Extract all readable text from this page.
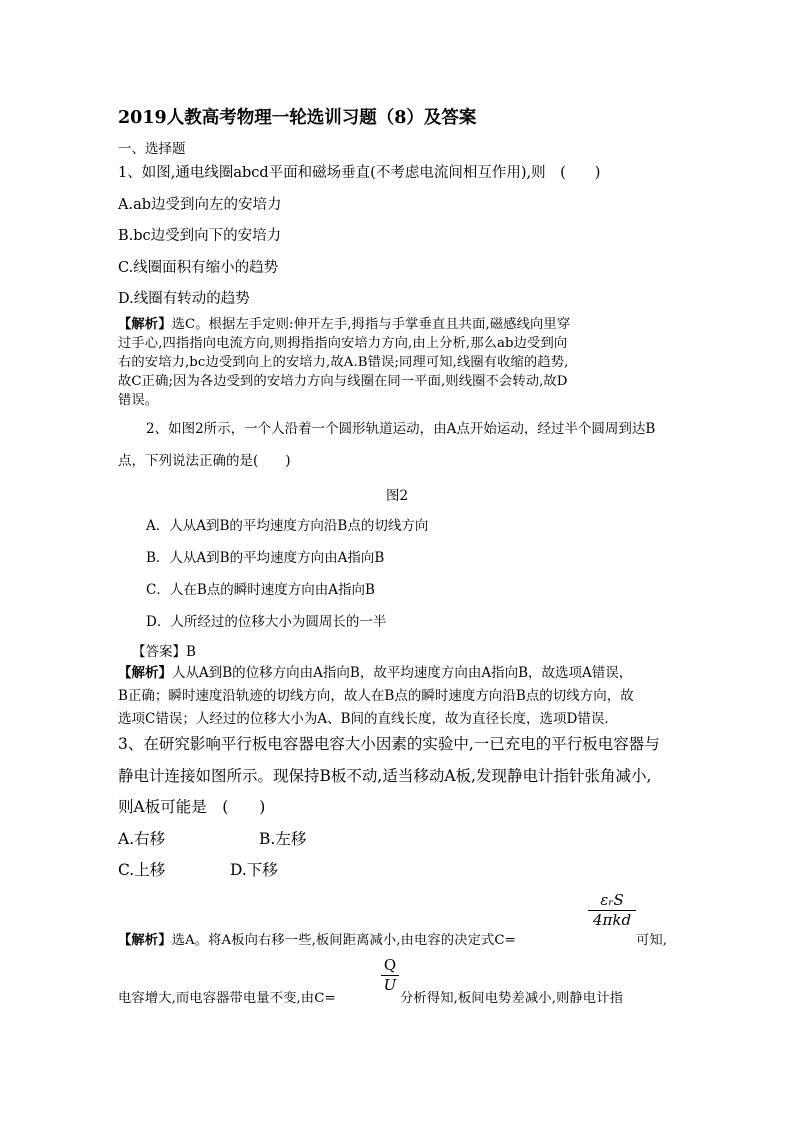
2019人教高考物理一轮选训习题（8）及答案
一、选择题
1、如图,通电线圈abcd平面和磁场垂直(不考虑电流间相互作用),则　(　　)
A.ab边受到向左的安培力
B.bc边受到向下的安培力
C.线圈面积有缩小的趋势
D.线圈有转动的趋势
【解析】选C。根据左手定则:伸开左手,拇指与手掌垂直且共面,磁感线向里穿
过手心,四指指向电流方向,则拇指指向安培力方向,由上分析,那么ab边受到向
右的安培力,bc边受到向上的安培力,故A.B错误;同理可知,线圈有收缩的趋势,
故C正确;因为各边受到的安培力方向与线圈在同一平面,则线圈不会转动,故D
错误。
2、如图2所示，一个人沿着一个圆形轨道运动，由A点开始运动，经过半个圆周到达B
点，下列说法正确的是(　　)
图2
A．人从A到B的平均速度方向沿B点的切线方向
B．人从A到B的平均速度方向由A指向B
C．人在B点的瞬时速度方向由A指向B
D．人所经过的位移大小为圆周长的一半
【答案】B
【解析】人从A到B的位移方向由A指向B，故平均速度方向由A指向B，故选项A错误，
B正确；瞬时速度沿轨迹的切线方向，故人在B点的瞬时速度方向沿B点的切线方向，故
选项C错误；人经过的位移大小为A、B间的直线长度，故为直径长度，选项D错误．
3、在研究影响平行板电容器电容大小因素的实验中,一已充电的平行板电容器与
静电计连接如图所示。现保持B板不动,适当移动A板,发现静电计指针张角减小,
则A板可能是　(　　)
A.右移	B.左移
C.上移	D.下移
【解析】选A。将A板向右移一些,板间距离减小,由电容的决定式C=
εᵣS
4πkd
可知,
电容增大,而电容器带电量不变,由C=
Q
U
分析得知,板间电势差减小,则静电计指
